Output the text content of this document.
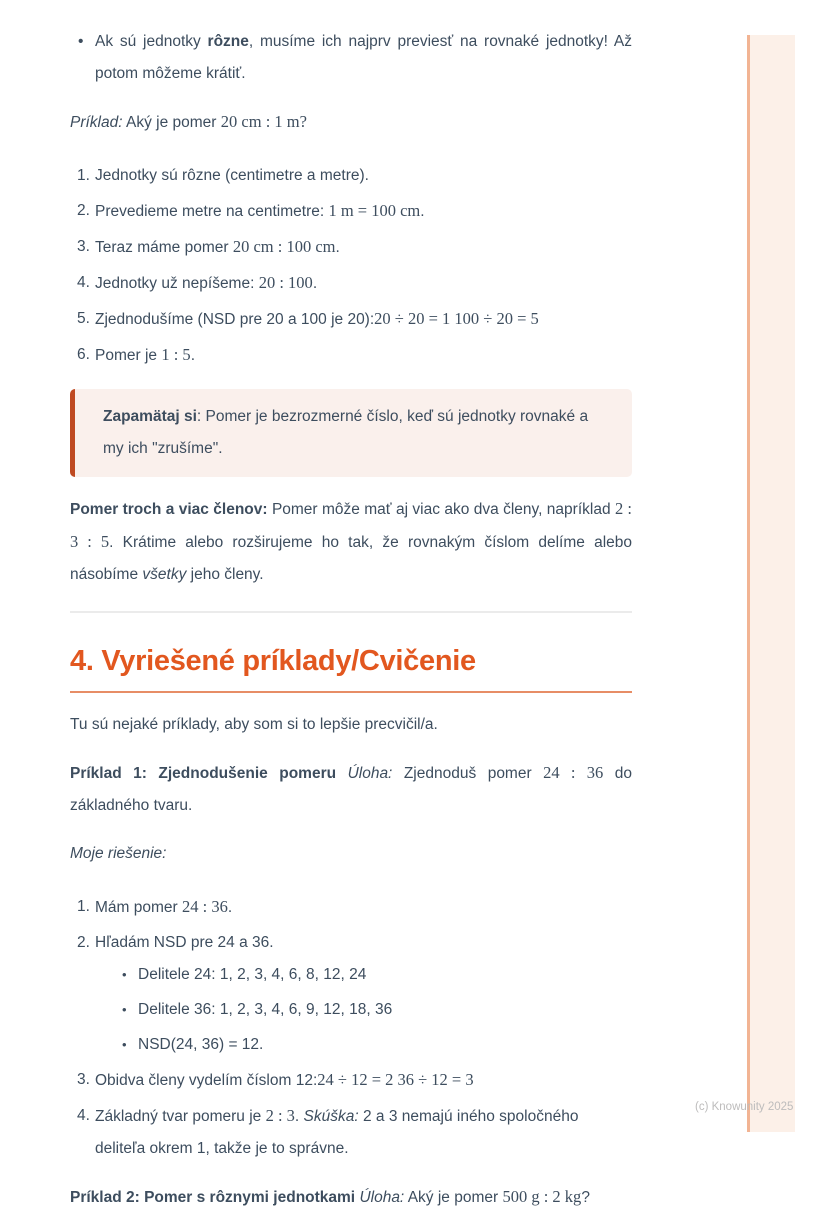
(c) Knowunity 2025
• Ak sú jednotky rôzne, musíme ich najprv previesť na rovnaké jednotky! Až potom môžeme krátiť.

Príklad: Aký je pomer 20 cm : 1 m?

1. Jednotky sú rôzne (centimetre a metre).
2. Prevedieme metre na centimetre: 1 m = 100 cm.
3. Teraz máme pomer 20 cm : 100 cm.
4. Jednotky už nepíšeme: 20 : 100.
5. Zjednodušíme (NSD pre 20 a 100 je 20):20 ÷ 20 = 1 100 ÷ 20 = 5
6. Pomer je 1 : 5.
Zapamätaj si: Pomer je bezrozmerné číslo, keď sú jednotky rovnaké a my ich "zrušíme".

Pomer troch a viac členov: Pomer môže mať aj viac ako dva členy, napríklad 2 : 3 : 5. Krátime alebo rozširujeme ho tak, že rovnakým číslom delíme alebo násobíme všetky jeho členy.

4. Vyriešené príklady/Cvičenie

Tu sú nejaké príklady, aby som si to lepšie precvičil/a.

Príklad 1: Zjednodušenie pomeru Úloha: Zjednoduš pomer 24 : 36 do základného tvaru.

Moje riešenie:

1. Mám pomer 24 : 36.
2. Hľadám NSD pre 24 a 36.
• Delitele 24: 1, 2, 3, 4, 6, 8, 12, 24
• Delitele 36: 1, 2, 3, 4, 6, 9, 12, 18, 36
• NSD(24, 36) = 12.
3. Obidva členy vydelím číslom 12:24 ÷ 12 = 2 36 ÷ 12 = 3
4. Základný tvar pomeru je 2 : 3. Skúška: 2 a 3 nemajú iného spoločného deliteľa okrem 1, takže je to správne.

Príklad 2: Pomer s rôznymi jednotkami Úloha: Aký je pomer 500 g : 2 kg?
